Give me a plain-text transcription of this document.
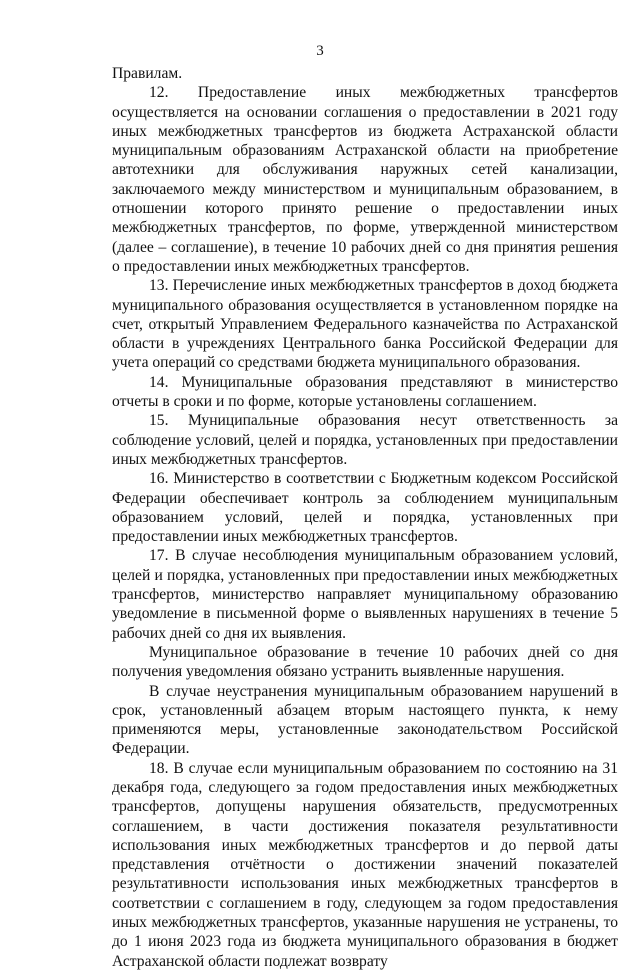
3

Правилам.

12. Предоставление иных межбюджетных трансфертов осуществляется на основании соглашения о предоставлении в 2021 году иных межбюджетных трансфертов из бюджета Астраханской области муниципальным образованиям Астраханской области на приобретение автотехники для обслуживания наружных сетей канализации, заключаемого между министерством и муниципальным образованием, в отношении которого принято решение о предоставлении иных межбюджетных трансфертов, по форме, утвержденной министерством (далее – соглашение), в течение 10 рабочих дней со дня принятия решения о предоставлении иных межбюджетных трансфертов.

13. Перечисление иных межбюджетных трансфертов в доход бюджета муниципального образования осуществляется в установленном порядке на счет, открытый Управлением Федерального казначейства по Астраханской области в учреждениях Центрального банка Российской Федерации для учета операций со средствами бюджета муниципального образования.

14. Муниципальные образования представляют в министерство отчеты в сроки и по форме, которые установлены соглашением.

15. Муниципальные образования несут ответственность за соблюдение условий, целей и порядка, установленных при предоставлении иных межбюджетных трансфертов.

16. Министерство в соответствии с Бюджетным кодексом Российской Федерации обеспечивает контроль за соблюдением муниципальным образованием условий, целей и порядка, установленных при предоставлении иных межбюджетных трансфертов.

17. В случае несоблюдения муниципальным образованием условий, целей и порядка, установленных при предоставлении иных межбюджетных трансфертов, министерство направляет муниципальному образованию уведомление в письменной форме о выявленных нарушениях в течение 5 рабочих дней со дня их выявления.

Муниципальное образование в течение 10 рабочих дней со дня получения уведомления обязано устранить выявленные нарушения.

В случае неустранения муниципальным образованием нарушений в срок, установленный абзацем вторым настоящего пункта, к нему применяются меры, установленные законодательством Российской Федерации.

18. В случае если муниципальным образованием по состоянию на 31 декабря года, следующего за годом предоставления иных межбюджетных трансфертов, допущены нарушения обязательств, предусмотренных соглашением, в части достижения показателя результативности использования иных межбюджетных трансфертов и до первой даты представления отчётности о достижении значений показателей результативности использования иных межбюджетных трансфертов в соответствии с соглашением в году, следующем за годом предоставления иных межбюджетных трансфертов, указанные нарушения не устранены, то до 1 июня 2023 года из бюджета муниципального образования в бюджет Астраханской области подлежат возврату
